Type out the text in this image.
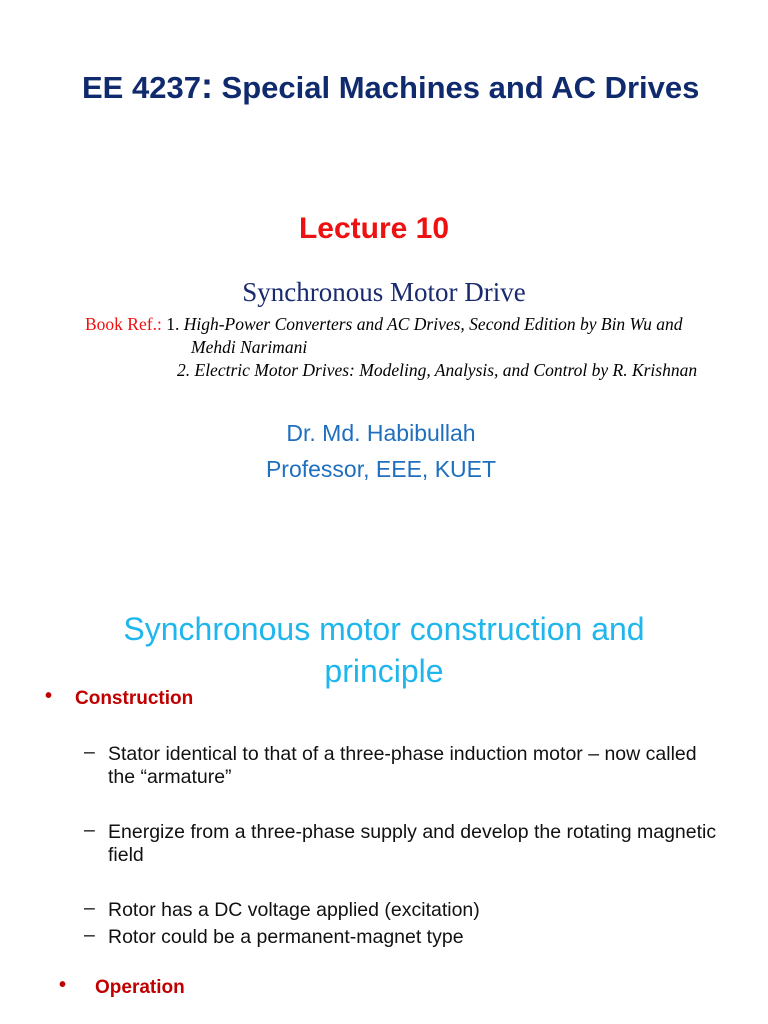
EE 4237: Special Machines and AC Drives
Lecture 10
Synchronous Motor Drive
Book Ref.: 1. High-Power Converters and AC Drives, Second Edition by Bin Wu and
Mehdi Narimani
2. Electric Motor Drives: Modeling, Analysis, and Control by R. Krishnan
Dr. Md. Habibullah
Professor, EEE, KUET
Synchronous motor construction and
principle
• Construction
– Stator identical to that of a three-phase induction motor – now called the “armature”
– Energize from a three-phase supply and develop the rotating magnetic field
– Rotor has a DC voltage applied (excitation)
– Rotor could be a permanent-magnet type
• Operation
